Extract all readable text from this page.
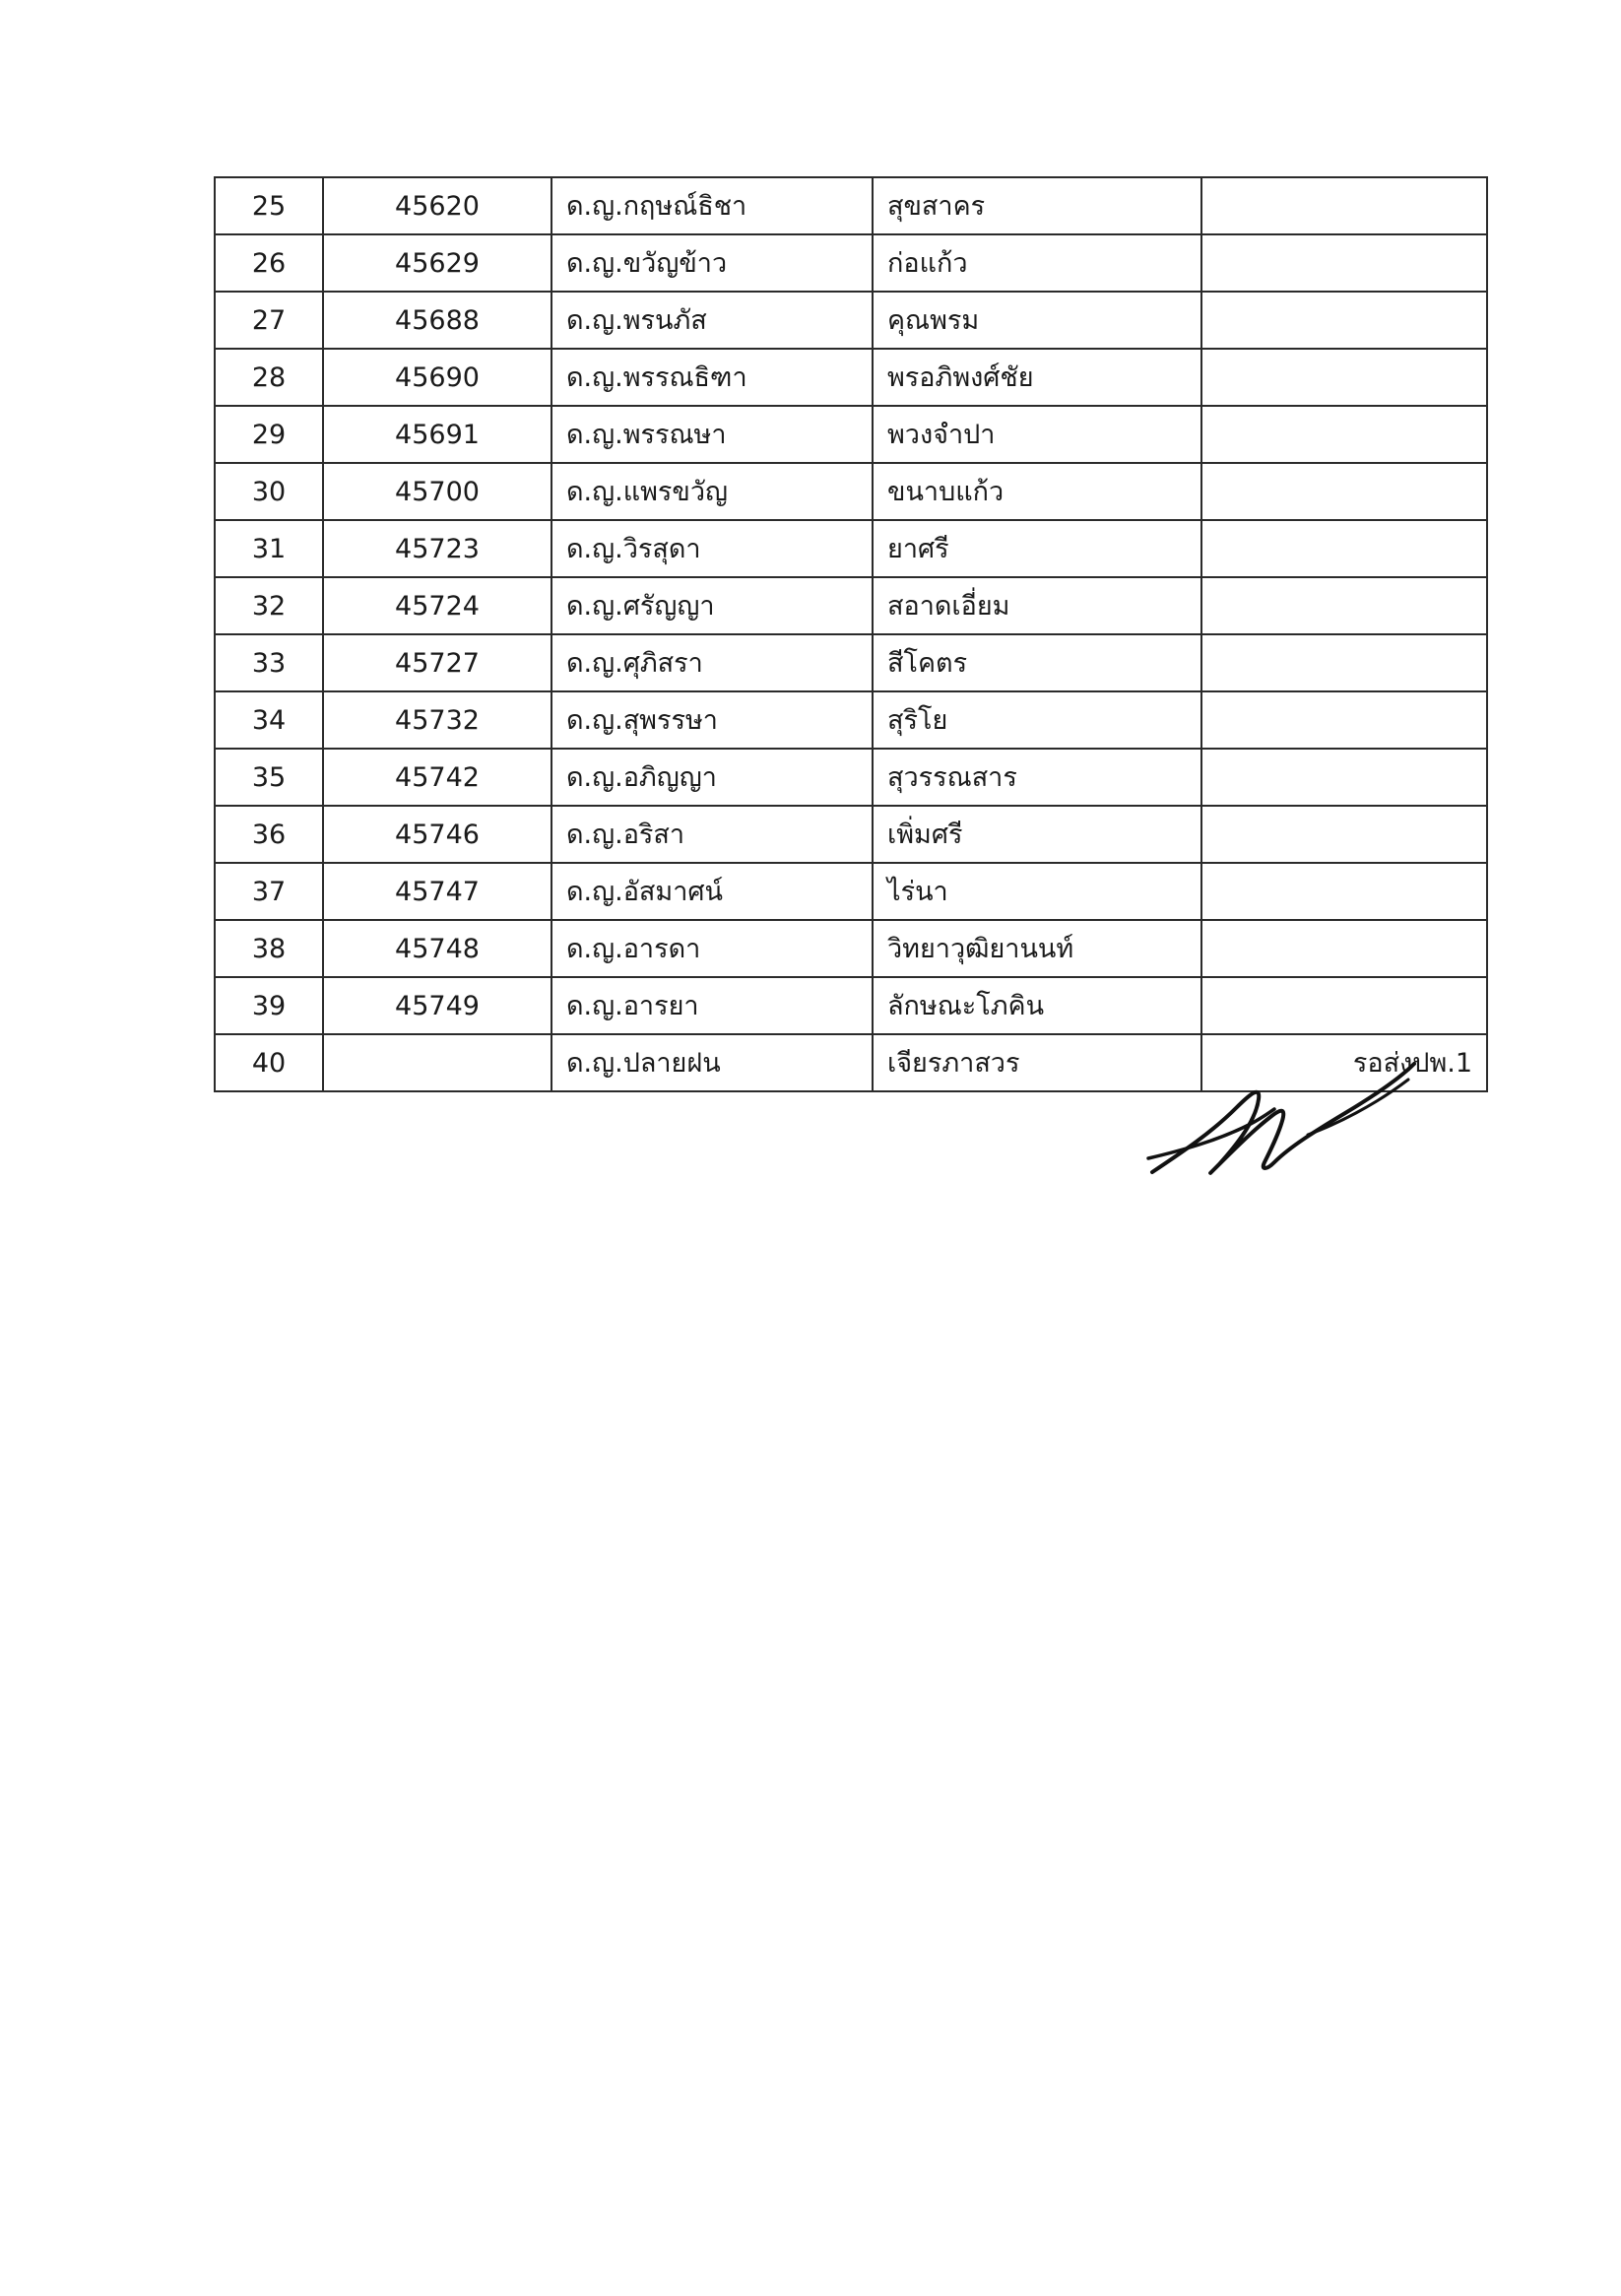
25	45620	ด.ญ.กฤษณ์ธิชา	สุขสาคร	
26	45629	ด.ญ.ขวัญข้าว	ก่อแก้ว	
27	45688	ด.ญ.พรนภัส	คุณพรม	
28	45690	ด.ญ.พรรณธิฑา	พรอภิพงศ์ชัย	
29	45691	ด.ญ.พรรณษา	พวงจำปา	
30	45700	ด.ญ.แพรขวัญ	ขนาบแก้ว	
31	45723	ด.ญ.วิรสุดา	ยาศรี	
32	45724	ด.ญ.ศรัญญา	สอาดเอี่ยม	
33	45727	ด.ญ.ศุภิสรา	สีโคตร	
34	45732	ด.ญ.สุพรรษา	สุริโย	
35	45742	ด.ญ.อภิญญา	สุวรรณสาร	
36	45746	ด.ญ.อริสา	เพิ่มศรี	
37	45747	ด.ญ.อัสมาศน์	ไร่นา	
38	45748	ด.ญ.อารดา	วิทยาวุฒิยานนท์	
39	45749	ด.ญ.อารยา	ลักษณะโภคิน	
40		ด.ญ.ปลายฝน	เจียรภาสวร	รอส่งปพ.1
